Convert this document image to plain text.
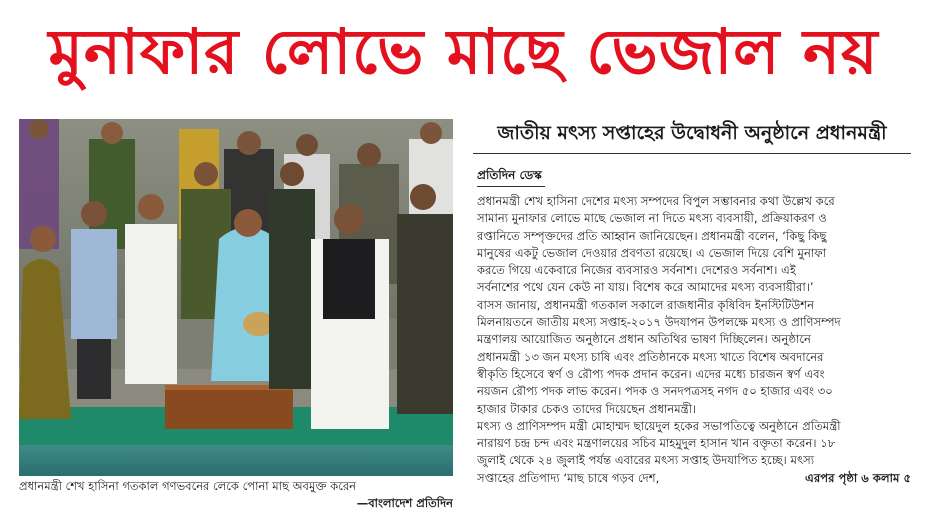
মুনাফার লোভে মাছে ভেজাল নয়
প্রধানমন্ত্রী শেখ হাসিনা গতকাল গণভবনের লেকে পোনা মাছ অবমুক্ত করেন
—বাংলাদেশ প্রতিদিন
জাতীয় মৎস্য সপ্তাহের উদ্বোধনী অনুষ্ঠানে প্রধানমন্ত্রী
প্রতিদিন ডেস্ক
প্রধানমন্ত্রী শেখ হাসিনা দেশের মৎস্য সম্পদের বিপুল সম্ভাবনার কথা উল্লেখ করে
সামান্য মুনাফার লোভে মাছে ভেজাল না দিতে মৎস্য ব্যবসায়ী, প্রক্রিয়াকরণ ও
রপ্তানিতে সম্পৃক্তদের প্রতি আহ্বান জানিয়েছেন। প্রধানমন্ত্রী বলেন, ‘কিছু কিছু
মানুষের একটু ভেজাল দেওয়ার প্রবণতা রয়েছে। এ ভেজাল দিয়ে বেশি মুনাফা
করতে গিয়ে একেবারে নিজের ব্যবসারও সর্বনাশ। দেশেরও সর্বনাশ। এই
সর্বনাশের পথে যেন কেউ না যায়। বিশেষ করে আমাদের মৎস্য ব্যবসায়ীরা।’
বাসস জানায়, প্রধানমন্ত্রী গতকাল সকালে রাজধানীর কৃষিবিদ ইনস্টিটিউশন
মিলনায়তনে জাতীয় মৎস্য সপ্তাহ-২০১৭ উদযাপন উপলক্ষে মৎস্য ও প্রাণিসম্পদ
মন্ত্রণালয় আয়োজিত অনুষ্ঠানে প্রধান অতিথির ভাষণ দিচ্ছিলেন। অনুষ্ঠানে
প্রধানমন্ত্রী ১৩ জন মৎস্য চাষি এবং প্রতিষ্ঠানকে মৎস্য খাতে বিশেষ অবদানের
স্বীকৃতি হিসেবে স্বর্ণ ও রৌপ্য পদক প্রদান করেন। এদের মধ্যে চারজন স্বর্ণ এবং
নয়জন রৌপ্য পদক লাভ করেন। পদক ও সনদপত্রসহ নগদ ৫০ হাজার এবং ৩০
হাজার টাকার চেকও তাদের দিয়েছেন প্রধানমন্ত্রী।
মৎস্য ও প্রাণিসম্পদ মন্ত্রী মোহাম্মদ ছায়েদুল হকের সভাপতিত্বে অনুষ্ঠানে প্রতিমন্ত্রী
নারায়ণ চন্দ্র চন্দ এবং মন্ত্রণালয়ের সচিব মাহমুদুল হাসান খান বক্তৃতা করেন। ১৮
জুলাই থেকে ২৪ জুলাই পর্যন্ত এবারের মৎস্য সপ্তাহ উদযাপিত হচ্ছে। মৎস্য
সপ্তাহের প্রতিপাদ্য ‘মাছ চাষে গড়ব দেশ,	এরপর পৃষ্ঠা ৬ কলাম ৫
